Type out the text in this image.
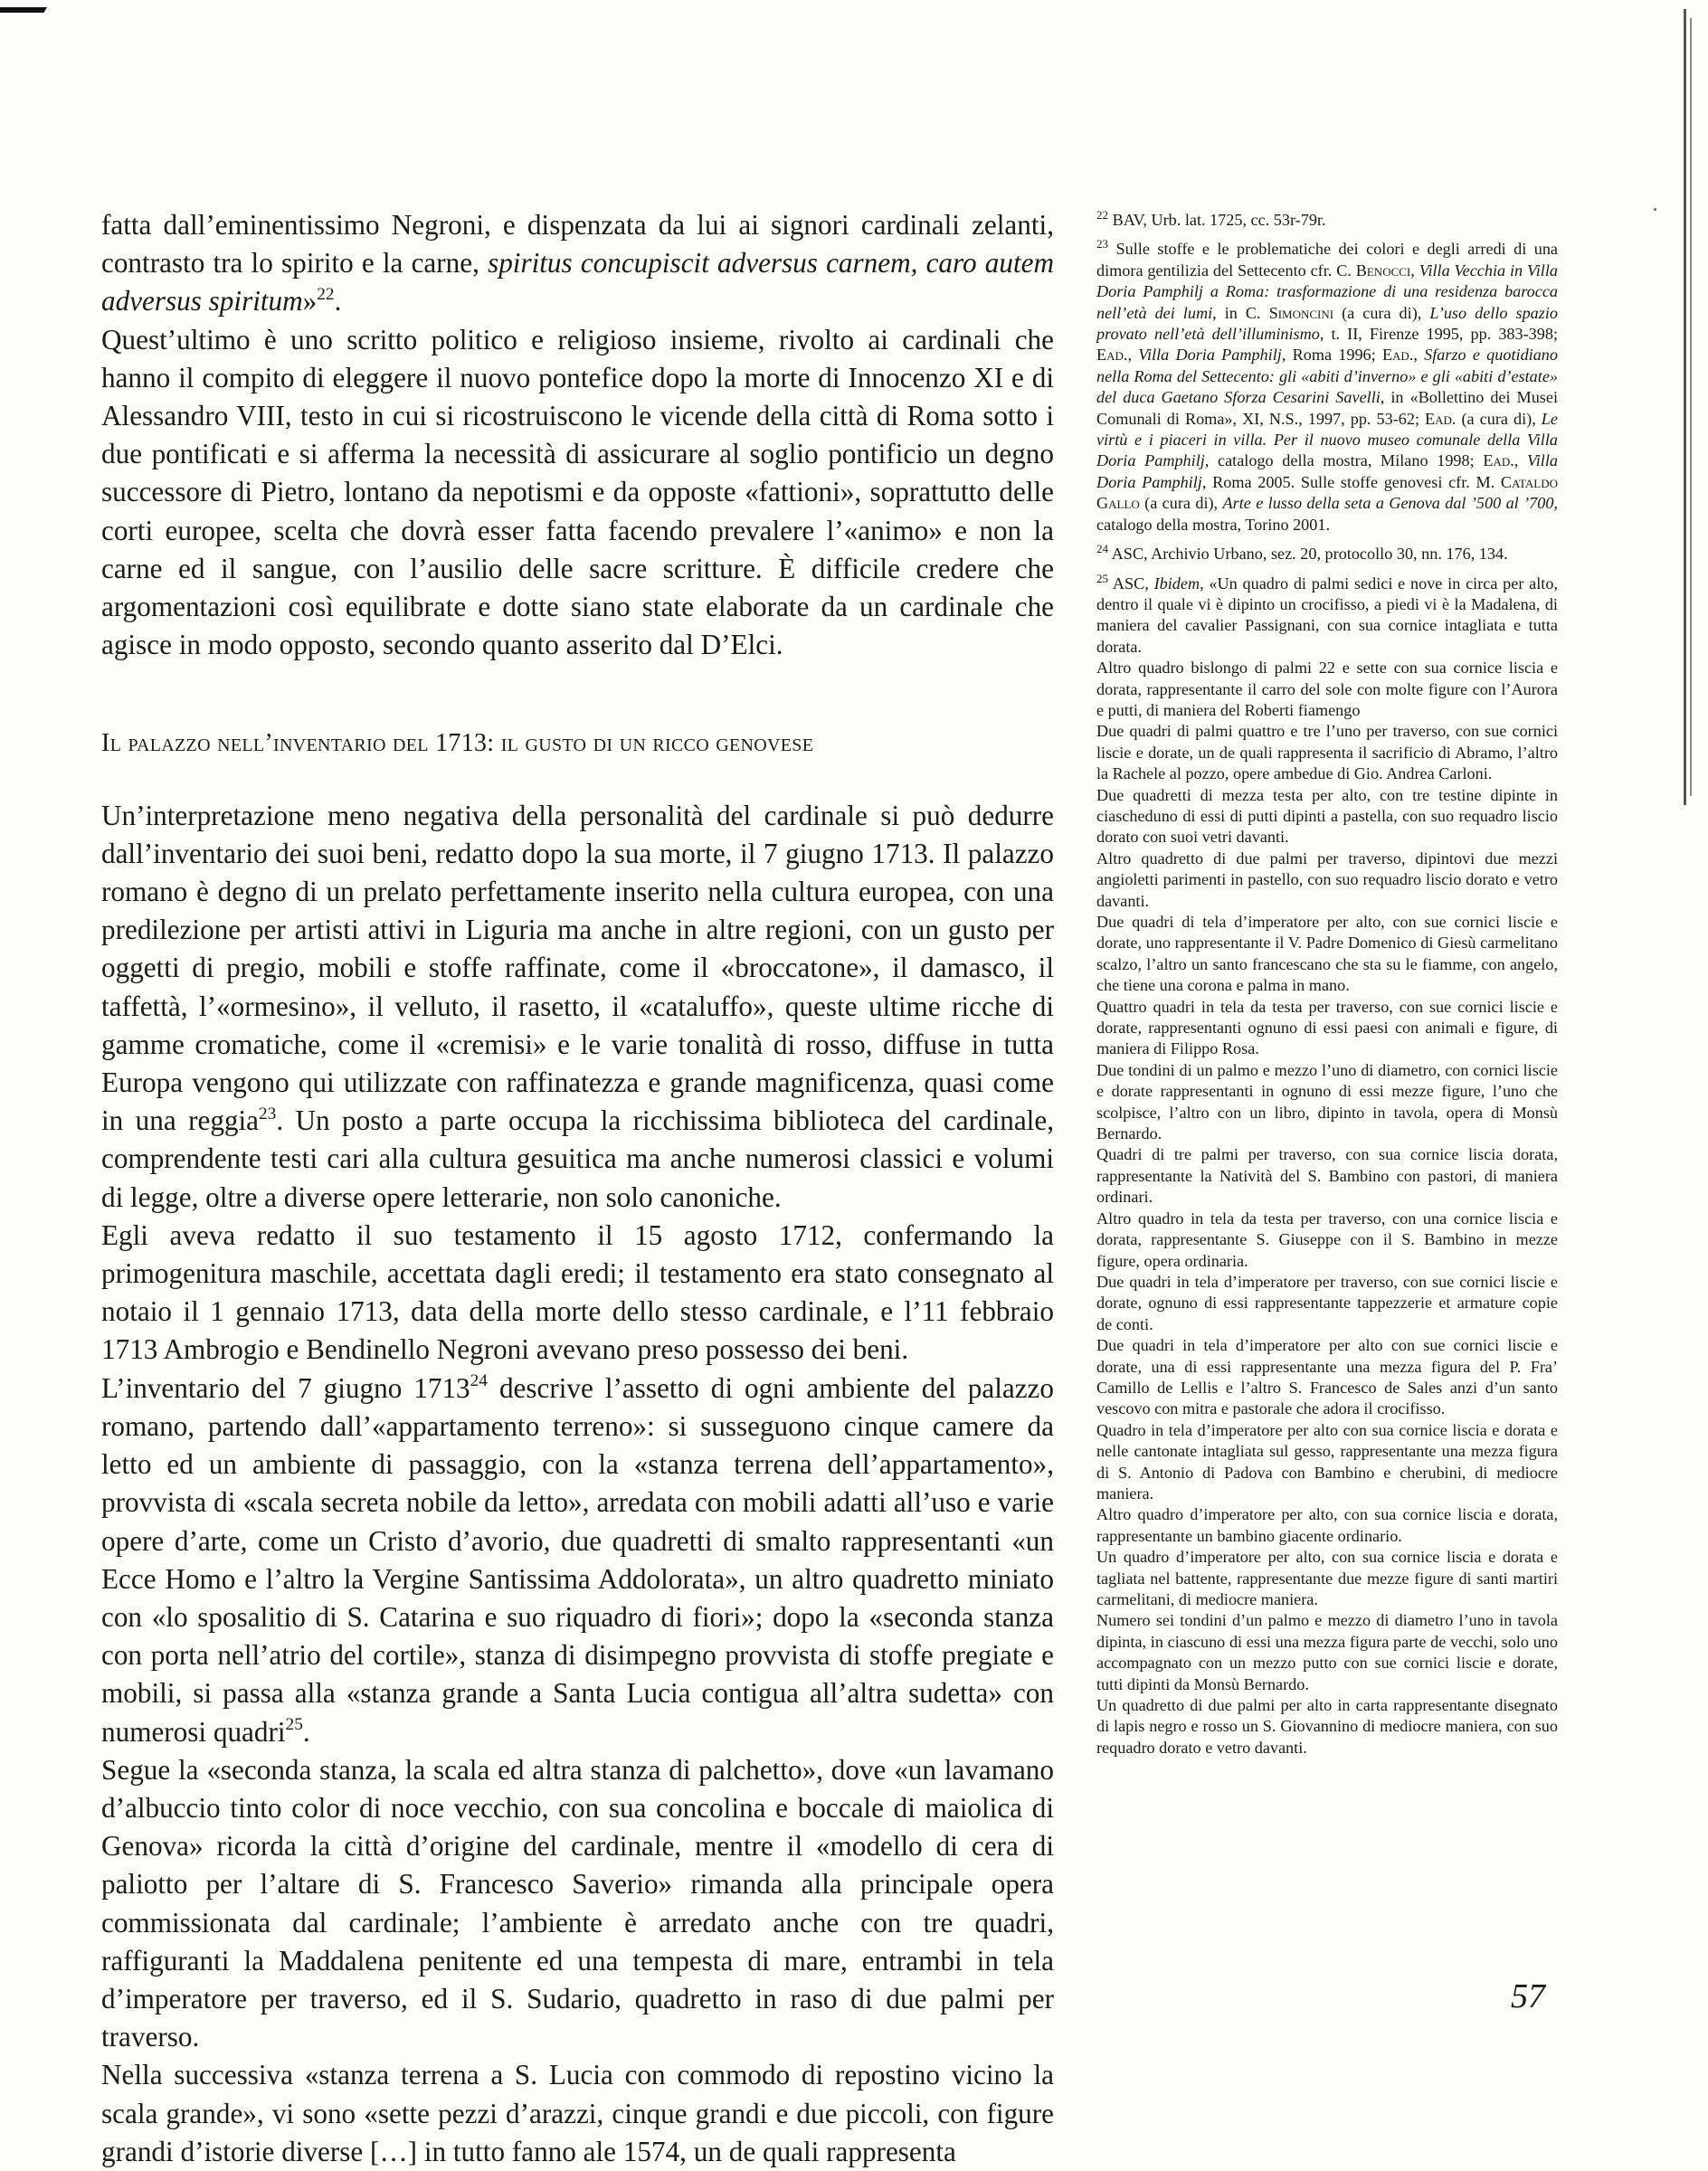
fatta dall’eminentissimo Negroni, e dispenzata da lui ai signori cardinali zelanti, contrasto tra lo spirito e la carne, spiritus concupiscit adversus carnem, caro autem adversus spiritum»$^{22}$.

Quest’ultimo è uno scritto politico e religioso insieme, rivolto ai cardinali che hanno il compito di eleggere il nuovo pontefice dopo la morte di Innocenzo XI e di Alessandro VIII, testo in cui si ricostruiscono le vicende della città di Roma sotto i due pontificati e si afferma la necessità di assicurare al soglio pontificio un degno successore di Pietro, lontano da nepotismi e da opposte «fattioni», soprattutto delle corti europee, scelta che dovrà esser fatta facendo prevalere l’«animo» e non la carne ed il sangue, con l’ausilio delle sacre scritture. È difficile credere che argomentazioni così equilibrate e dotte siano state elaborate da un cardinale che agisce in modo opposto, secondo quanto asserito dal D’Elci.

Il palazzo nell’inventario del 1713: il gusto di un ricco genovese

Un’interpretazione meno negativa della personalità del cardinale si può dedurre dall’inventario dei suoi beni, redatto dopo la sua morte, il 7 giugno 1713. Il palazzo romano è degno di un prelato perfettamente inserito nella cultura europea, con una predilezione per artisti attivi in Liguria ma anche in altre regioni, con un gusto per oggetti di pregio, mobili e stoffe raffinate, come il «broccatone», il damasco, il taffettà, l’«ormesino», il velluto, il rasetto, il «cataluffo», queste ultime ricche di gamme cromatiche, come il «cremisi» e le varie tonalità di rosso, diffuse in tutta Europa vengono qui utilizzate con raffinatezza e grande magnificenza, quasi come in una reggia$^{23}$. Un posto a parte occupa la ricchissima biblioteca del cardinale, comprendente testi cari alla cultura gesuitica ma anche numerosi classici e volumi di legge, oltre a diverse opere letterarie, non solo canoniche.

Egli aveva redatto il suo testamento il 15 agosto 1712, confermando la primogenitura maschile, accettata dagli eredi; il testamento era stato consegnato al notaio il 1 gennaio 1713, data della morte dello stesso cardinale, e l’11 febbraio 1713 Ambrogio e Bendinello Negroni avevano preso possesso dei beni.

L’inventario del 7 giugno 1713$^{24}$ descrive l’assetto di ogni ambiente del palazzo romano, partendo dall’«appartamento terreno»: si susseguono cinque camere da letto ed un ambiente di passaggio, con la «stanza terrena dell’appartamento», provvista di «scala secreta nobile da letto», arredata con mobili adatti all’uso e varie opere d’arte, come un Cristo d’avorio, due quadretti di smalto rappresentanti «un Ecce Homo e l’altro la Vergine Santissima Addolorata», un altro quadretto miniato con «lo sposalitio di S. Catarina e suo riquadro di fiori»; dopo la «seconda stanza con porta nell’atrio del cortile», stanza di disimpegno provvista di stoffe pregiate e mobili, si passa alla «stanza grande a Santa Lucia contigua all’altra sudetta» con numerosi quadri$^{25}$.

Segue la «seconda stanza, la scala ed altra stanza di palchetto», dove «un lavamano d’albuccio tinto color di noce vecchio, con sua concolina e boccale di maiolica di Genova» ricorda la città d’origine del cardinale, mentre il «modello di cera di paliotto per l’altare di S. Francesco Saverio» rimanda alla principale opera commissionata dal cardinale; l’ambiente è arredato anche con tre quadri, raffiguranti la Maddalena penitente ed una tempesta di mare, entrambi in tela d’imperatore per traverso, ed il S. Sudario, quadretto in raso di due palmi per traverso.

Nella successiva «stanza terrena a S. Lucia con commodo di repostino vicino la scala grande», vi sono «sette pezzi d’arazzi, cinque grandi e due piccoli, con figure grandi d’istorie diverse […] in tutto fanno ale 1574, un de quali rappresenta

$^{22}$ BAV, Urb. lat. 1725, cc. 53r-79r.

$^{23}$ Sulle stoffe e le problematiche dei colori e degli arredi di una dimora gentilizia del Settecento cfr. C. Benocci, Villa Vecchia in Villa Doria Pamphilj a Roma: trasformazione di una residenza barocca nell’età dei lumi, in C. Simoncini (a cura di), L’uso dello spazio provato nell’età dell’illuminismo, t. II, Firenze 1995, pp. 383-398; Ead., Villa Doria Pamphilj, Roma 1996; Ead., Sfarzo e quotidiano nella Roma del Settecento: gli «abiti d’inverno» e gli «abiti d’estate» del duca Gaetano Sforza Cesarini Savelli, in «Bollettino dei Musei Comunali di Roma», XI, N.S., 1997, pp. 53-62; Ead. (a cura di), Le virtù e i piaceri in villa. Per il nuovo museo comunale della Villa Doria Pamphilj, catalogo della mostra, Milano 1998; Ead., Villa Doria Pamphilj, Roma 2005. Sulle stoffe genovesi cfr. M. Cataldo Gallo (a cura di), Arte e lusso della seta a Genova dal ’500 al ’700, catalogo della mostra, Torino 2001.

$^{24}$ ASC, Archivio Urbano, sez. 20, protocollo 30, nn. 176, 134.

$^{25}$ ASC, Ibidem, «Un quadro di palmi sedici e nove in circa per alto, dentro il quale vi è dipinto un crocifisso, a piedi vi è la Madalena, di maniera del cavalier Passignani, con sua cornice intagliata e tutta dorata.

Altro quadro bislongo di palmi 22 e sette con sua cornice liscia e dorata, rappresentante il carro del sole con molte figure con l’Aurora e putti, di maniera del Roberti fiamengo

Due quadri di palmi quattro e tre l’uno per traverso, con sue cornici liscie e dorate, un de quali rappresenta il sacrificio di Abramo, l’altro la Rachele al pozzo, opere ambedue di Gio. Andrea Carloni.

Due quadretti di mezza testa per alto, con tre testine dipinte in ciascheduno di essi di putti dipinti a pastella, con suo requadro liscio dorato con suoi vetri davanti.

Altro quadretto di due palmi per traverso, dipintovi due mezzi angioletti parimenti in pastello, con suo requadro liscio dorato e vetro davanti.

Due quadri di tela d’imperatore per alto, con sue cornici liscie e dorate, uno rappresentante il V. Padre Domenico di Giesù carmelitano scalzo, l’altro un santo francescano che sta su le fiamme, con angelo, che tiene una corona e palma in mano.

Quattro quadri in tela da testa per traverso, con sue cornici liscie e dorate, rappresentanti ognuno di essi paesi con animali e figure, di maniera di Filippo Rosa.

Due tondini di un palmo e mezzo l’uno di diametro, con cornici liscie e dorate rappresentanti in ognuno di essi mezze figure, l’uno che scolpisce, l’altro con un libro, dipinto in tavola, opera di Monsù Bernardo.

Quadri di tre palmi per traverso, con sua cornice liscia dorata, rappresentante la Natività del S. Bambino con pastori, di maniera ordinari.

Altro quadro in tela da testa per traverso, con una cornice liscia e dorata, rappresentante S. Giuseppe con il S. Bambino in mezze figure, opera ordinaria.

Due quadri in tela d’imperatore per traverso, con sue cornici liscie e dorate, ognuno di essi rappresentante tappezzerie et armature copie de conti.

Due quadri in tela d’imperatore per alto con sue cornici liscie e dorate, una di essi rappresentante una mezza figura del P. Fra’ Camillo de Lellis e l’altro S. Francesco de Sales anzi d’un santo vescovo con mitra e pastorale che adora il crocifisso.

Quadro in tela d’imperatore per alto con sua cornice liscia e dorata e nelle cantonate intagliata sul gesso, rappresentante una mezza figura di S. Antonio di Padova con Bambino e cherubini, di mediocre maniera.

Altro quadro d’imperatore per alto, con sua cornice liscia e dorata, rappresentante un bambino giacente ordinario.

Un quadro d’imperatore per alto, con sua cornice liscia e dorata e tagliata nel battente, rappresentante due mezze figure di santi martiri carmelitani, di mediocre maniera.

Numero sei tondini d’un palmo e mezzo di diametro l’uno in tavola dipinta, in ciascuno di essi una mezza figura parte de vecchi, solo uno accompagnato con un mezzo putto con sue cornici liscie e dorate, tutti dipinti da Monsù Bernardo.

Un quadretto di due palmi per alto in carta rappresentante disegnato di lapis negro e rosso un S. Giovannino di mediocre maniera, con suo requadro dorato e vetro davanti.

57
